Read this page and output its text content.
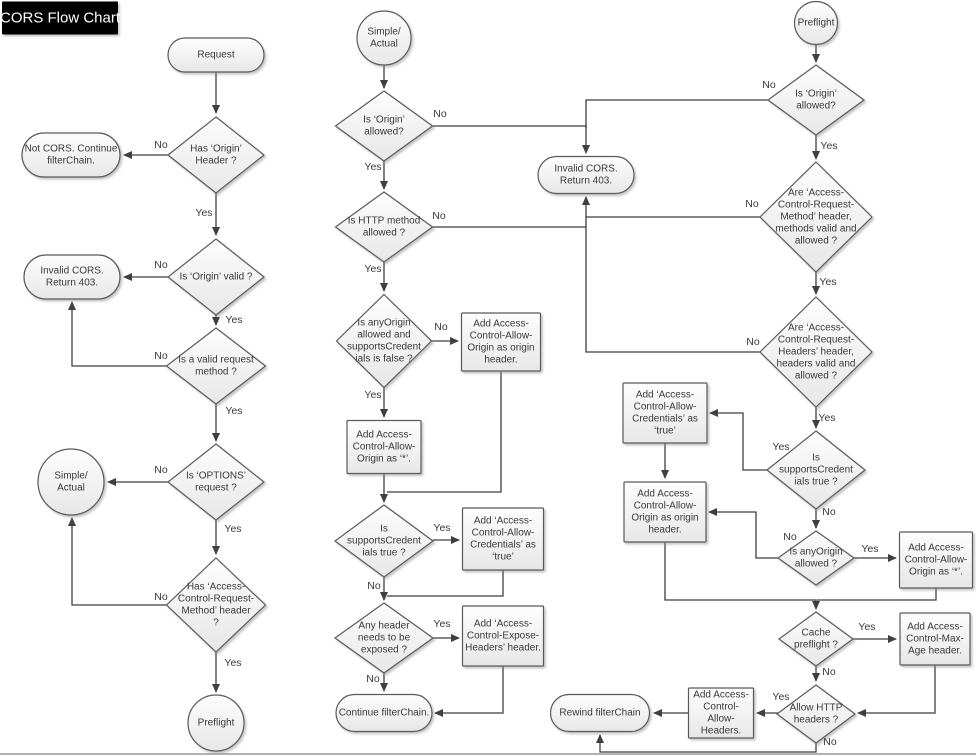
CORS Flow Chart
Request
Has ‘Origin’ Header ?
Not CORS. Continue filterChain.
Is ‘Origin’ valid ?
Invalid CORS. Return 403.
Is a valid request method ?
Is ‘OPTIONS’ request ?
Simple/ Actual
Has ‘Access-Control-Request-Method’ header ?
Preflight
Simple/ Actual
Is ‘Origin’ allowed?
Invalid CORS. Return 403.
Is HTTP method allowed ?
Is anyOrigin allowed and supportsCredent ials is false ?
Add Access-Control-Allow-Origin as origin header.
Add Access-Control-Allow-Origin as ‘*’.
Is supportsCredent ials true ?
Add ‘Access-Control-Allow-Credentials’ as ‘true’
Any header needs to be exposed ?
Add ‘Access-Control-Expose-Headers’ header.
Continue filterChain.
Preflight
Is ‘Origin’ allowed?
Are ‘Access-Control-Request-Method’ header, methods valid and allowed ?
Are ‘Access-Control-Request-Headers’ header, headers valid and allowed ?
Is supportsCredent ials true ?
Add ‘Access-Control-Allow-Credentials’ as ‘true’
Add Access-Control-Allow-Origin as origin header.
Is anyOrigin allowed ?
Add Access-Control-Allow-Origin as ‘*’.
Cache preflight ?
Add Access-Control-Max-Age header.
Allow HTTP headers ?
Add Access-Control-Allow-Headers.
Rewind filterChain
No
Yes
No
Yes
No
Yes
No
Yes
No
Yes
No
Yes
No
Yes
No
Yes
Yes
No
Yes
No
No
Yes
No
Yes
No
Yes
Yes
No
No
Yes
Yes
No
Yes
No
